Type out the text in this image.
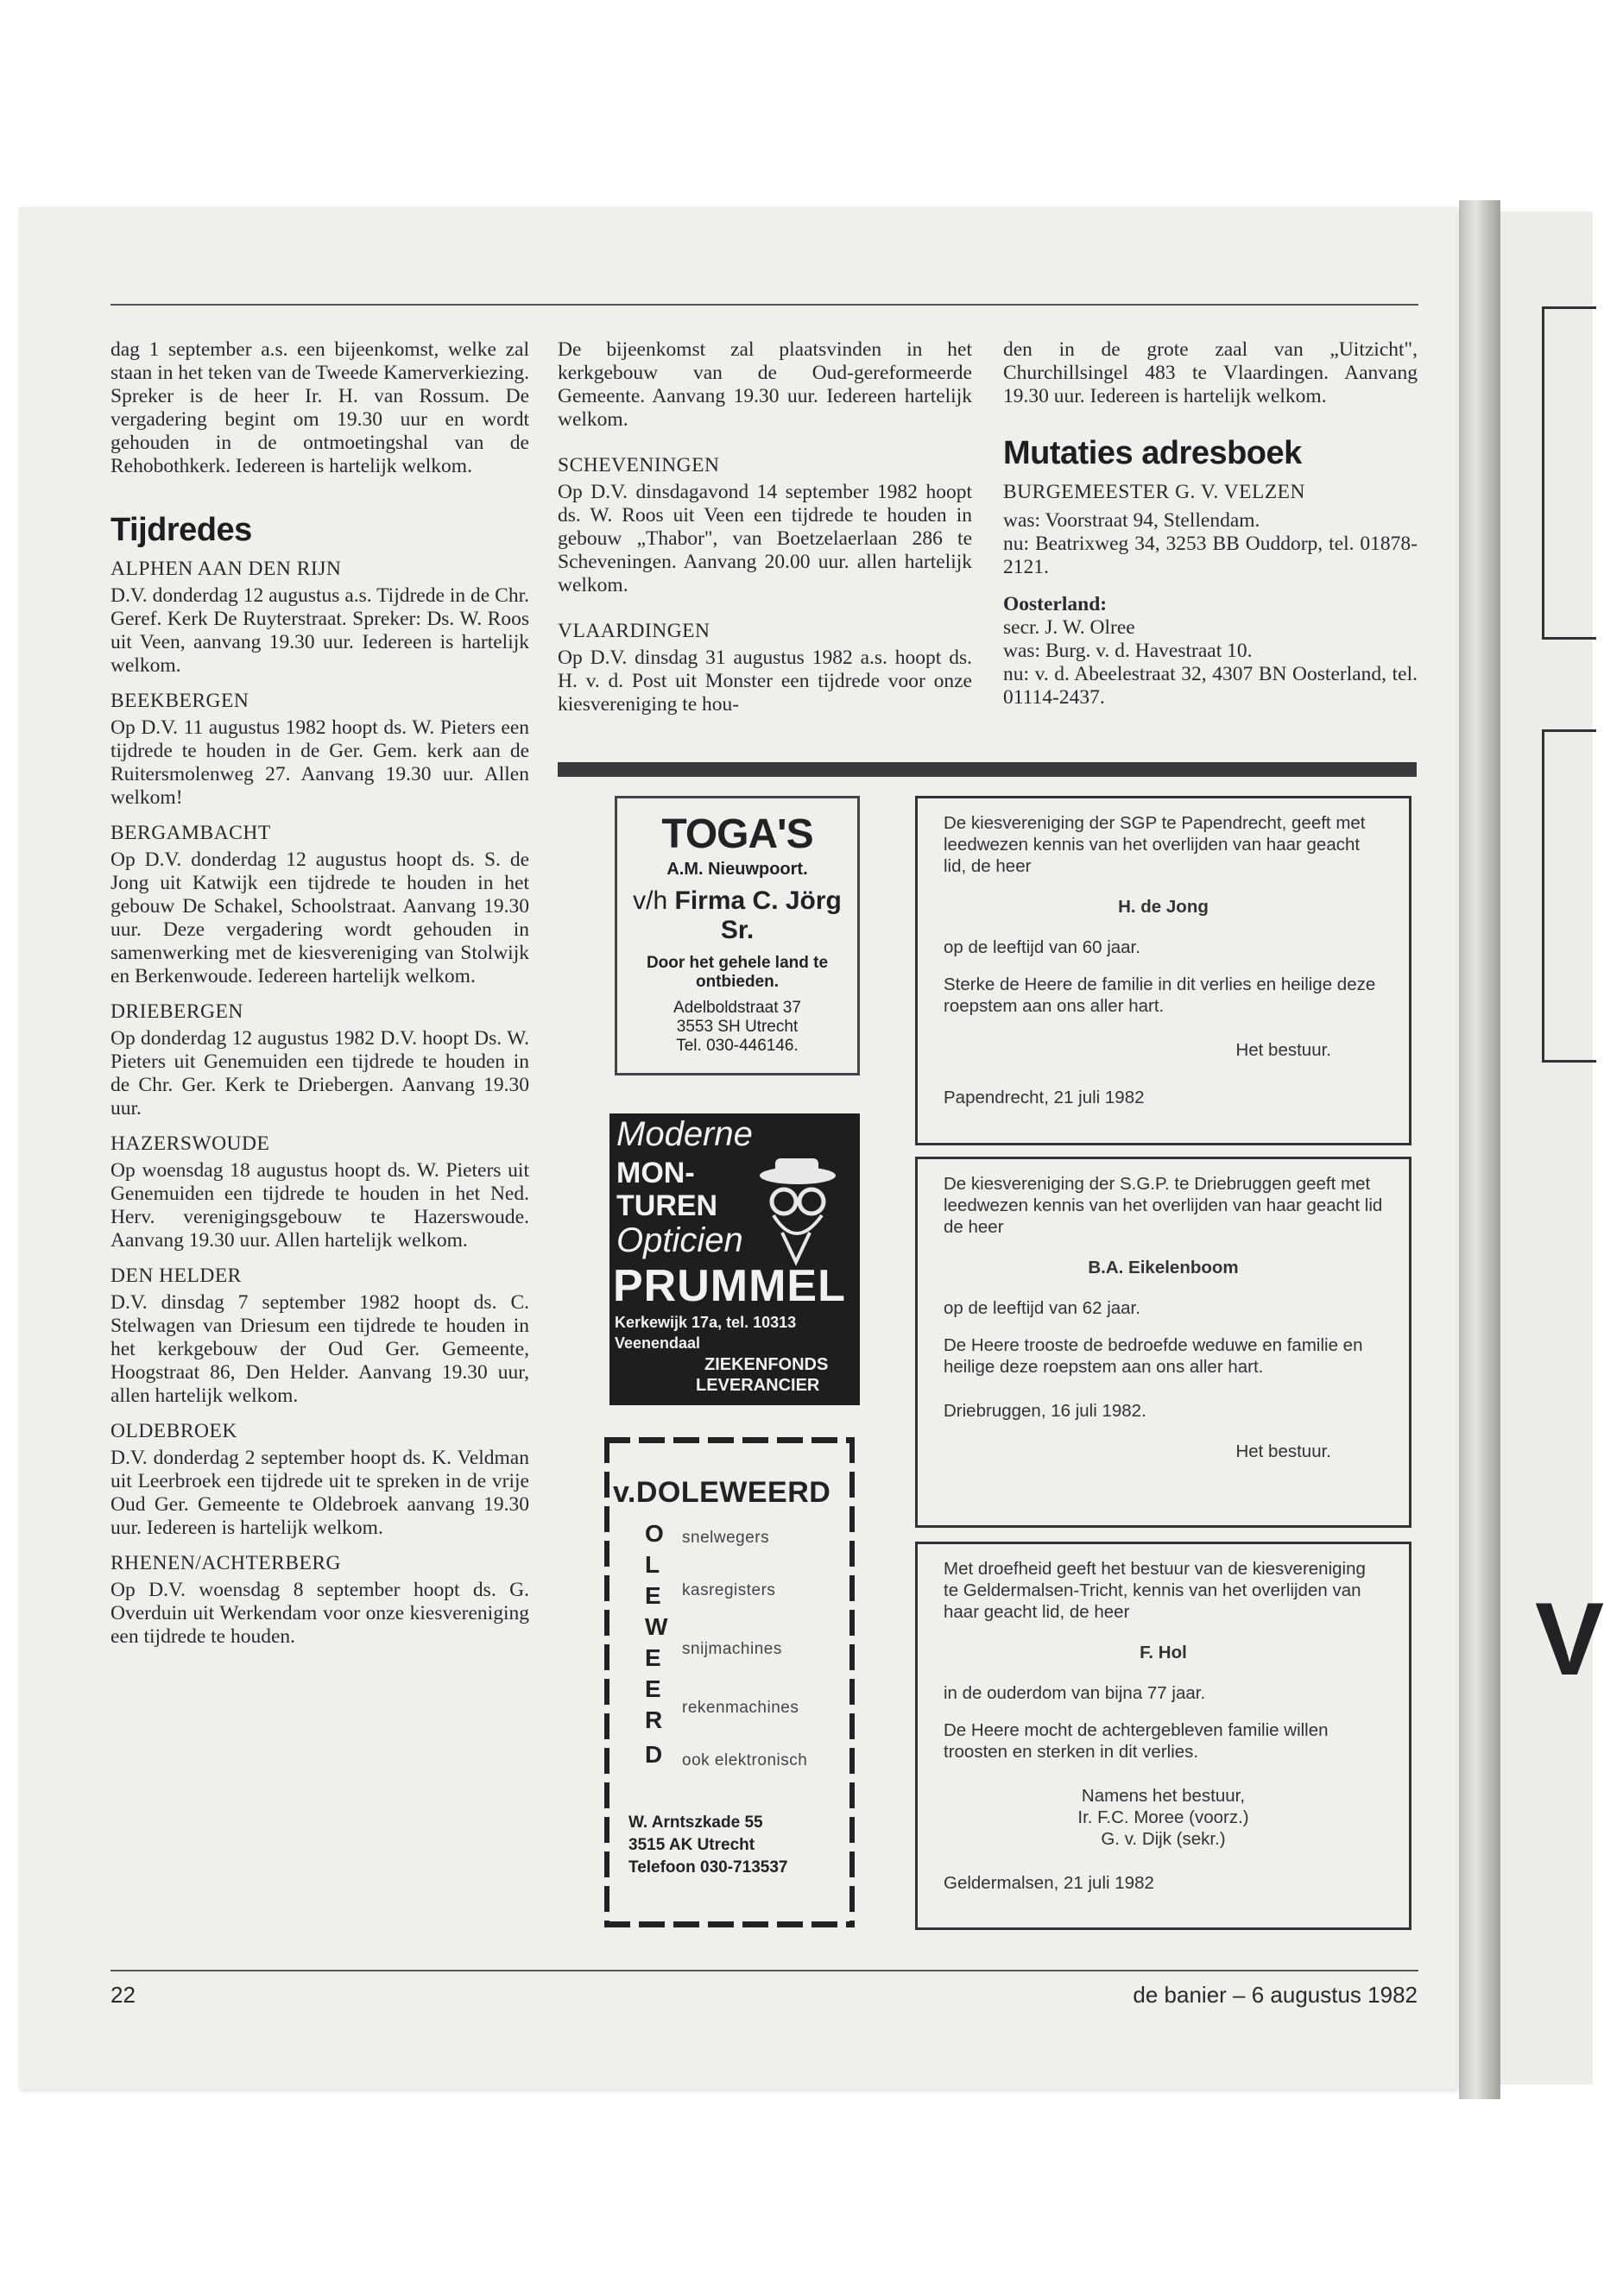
V

dag 1 september a.s. een bijeenkomst, welke zal staan in het teken van de Tweede Kamerverkiezing. Spreker is de heer Ir. H. van Rossum. De vergadering begint om 19.30 uur en wordt gehouden in de ontmoetingshal van de Rehobothkerk. Iedereen is hartelijk welkom.

Tijdredes
ALPHEN AAN DEN RIJN

D.V. donderdag 12 augustus a.s. Tijdrede in de Chr. Geref. Kerk De Ruyterstraat. Spreker: Ds. W. Roos uit Veen, aanvang 19.30 uur. Iedereen is hartelijk welkom.

BEEKBERGEN

Op D.V. 11 augustus 1982 hoopt ds. W. Pieters een tijdrede te houden in de Ger. Gem. kerk aan de Ruitersmolenweg 27. Aanvang 19.30 uur. Allen welkom!

BERGAMBACHT

Op D.V. donderdag 12 augustus hoopt ds. S. de Jong uit Katwijk een tijdrede te houden in het gebouw De Schakel, Schoolstraat. Aanvang 19.30 uur. Deze vergadering wordt gehouden in samenwerking met de kiesvereniging van Stolwijk en Berkenwoude. Iedereen hartelijk welkom.

DRIEBERGEN

Op donderdag 12 augustus 1982 D.V. hoopt Ds. W. Pieters uit Genemuiden een tijdrede te houden in de Chr. Ger. Kerk te Driebergen. Aanvang 19.30 uur.

HAZERSWOUDE

Op woensdag 18 augustus hoopt ds. W. Pieters uit Genemuiden een tijdrede te houden in het Ned. Herv. verenigingsgebouw te Hazerswoude. Aanvang 19.30 uur. Allen hartelijk welkom.

DEN HELDER

D.V. dinsdag 7 september 1982 hoopt ds. C. Stelwagen van Driesum een tijdrede te houden in het kerkgebouw der Oud Ger. Gemeente, Hoogstraat 86, Den Helder. Aanvang 19.30 uur, allen hartelijk welkom.

OLDEBROEK

D.V. donderdag 2 september hoopt ds. K. Veldman uit Leerbroek een tijdrede uit te spreken in de vrije Oud Ger. Gemeente te Oldebroek aanvang 19.30 uur. Iedereen is hartelijk welkom.

RHENEN/ACHTERBERG

Op D.V. woensdag 8 september hoopt ds. G. Overduin uit Werkendam voor onze kiesvereniging een tijdrede te houden.

De bijeenkomst zal plaatsvinden in het kerkgebouw van de Oud-gereformeerde Gemeente. Aanvang 19.30 uur. Iedereen hartelijk welkom.

SCHEVENINGEN

Op D.V. dinsdagavond 14 september 1982 hoopt ds. W. Roos uit Veen een tijdrede te houden in gebouw „Thabor", van Boetzelaerlaan 286 te Scheveningen. Aanvang 20.00 uur. allen hartelijk welkom.

VLAARDINGEN

Op D.V. dinsdag 31 augustus 1982 a.s. hoopt ds. H. v. d. Post uit Monster een tijdrede voor onze kiesvereniging te hou-

den in de grote zaal van „Uitzicht", Churchillsingel 483 te Vlaardingen. Aanvang 19.30 uur. Iedereen is hartelijk welkom.

Mutaties adresboek
BURGEMEESTER G. V. VELZEN

was: Voorstraat 94, Stellendam.

nu: Beatrixweg 34, 3253 BB Ouddorp, tel. 01878-2121.

Oosterland:

secr. J. W. Olree

was: Burg. v. d. Havestraat 10.

nu: v. d. Abeelestraat 32, 4307 BN Oosterland, tel. 01114-2437.

TOGA'S
A.M. Nieuwpoort.
v/h Firma C. Jörg Sr.
Door het gehele land te ontbieden.
Adelboldstraat 37
3553 SH Utrecht
Tel. 030-446146.
Moderne
MON-
TUREN
Opticien
PRUMMEL
Kerkewijk 17a, tel. 10313
Veenendaal
ZIEKENFONDS
LEVERANCIER
v.DOLEWEERD
O
L
E
W
E
E
R
D
snelwegers
kasregisters
snijmachines
rekenmachines
ook elektronisch
W. Arntszkade 55
3515 AK Utrecht
Telefoon 030-713537
De kiesvereniging der SGP te Papendrecht, geeft met leedwezen kennis van het overlijden van haar geacht lid, de heer
H. de Jong
op de leeftijd van 60 jaar.
Sterke de Heere de familie in dit verlies en heilige deze roepstem aan ons aller hart.
Het bestuur.
Papendrecht, 21 juli 1982
De kiesvereniging der S.G.P. te Driebruggen geeft met leedwezen kennis van het overlijden van haar geacht lid de heer
B.A. Eikelenboom
op de leeftijd van 62 jaar.
De Heere trooste de bedroefde weduwe en familie en heilige deze roepstem aan ons aller hart.
Driebruggen, 16 juli 1982.
Het bestuur.
Met droefheid geeft het bestuur van de kiesvereniging te Geldermalsen-Tricht, kennis van het overlijden van haar geacht lid, de heer
F. Hol
in de ouderdom van bijna 77 jaar.
De Heere mocht de achtergebleven familie willen troosten en sterken in dit verlies.
Namens het bestuur,
Ir. F.C. Moree (voorz.)
G. v. Dijk (sekr.)
Geldermalsen, 21 juli 1982
22	de banier – 6 augustus 1982
